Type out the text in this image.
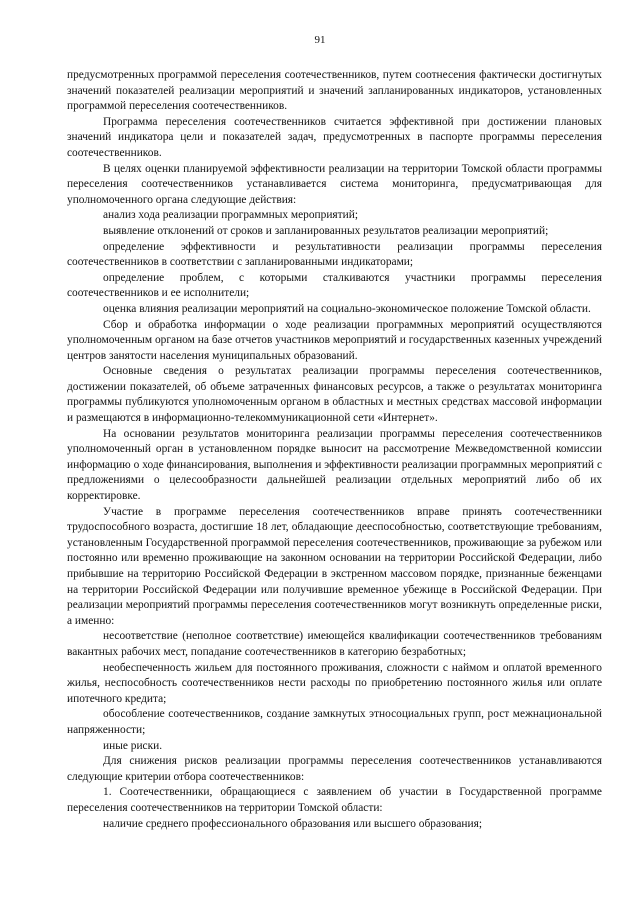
91

предусмотренных программой переселения соотечественников, путем соотнесения фактически достигнутых значений показателей реализации мероприятий и значений запланированных индикаторов, установленных программой переселения соотечественников.

Программа переселения соотечественников считается эффективной при достижении плановых значений индикатора цели и показателей задач, предусмотренных в паспорте программы переселения соотечественников.

В целях оценки планируемой эффективности реализации на территории Томской области программы переселения соотечественников устанавливается система мониторинга, предусматривающая для уполномоченного органа следующие действия:

анализ хода реализации программных мероприятий;

выявление отклонений от сроков и запланированных результатов реализации мероприятий;

определение эффективности и результативности реализации программы переселения соотечественников в соответствии с запланированными индикаторами;

определение проблем, с которыми сталкиваются участники программы переселения соотечественников и ее исполнители;

оценка влияния реализации мероприятий на социально-экономическое положение Томской области.

Сбор и обработка информации о ходе реализации программных мероприятий осуществляются уполномоченным органом на базе отчетов участников мероприятий и государственных казенных учреждений центров занятости населения муниципальных образований.

Основные сведения о результатах реализации программы переселения соотечественников, достижении показателей, об объеме затраченных финансовых ресурсов, а также о результатах мониторинга программы публикуются уполномоченным органом в областных и местных средствах массовой информации и размещаются в информационно-телекоммуникационной сети «Интернет».

На основании результатов мониторинга реализации программы переселения соотечественников уполномоченный орган в установленном порядке выносит на рассмотрение Межведомственной комиссии информацию о ходе финансирования, выполнения и эффективности реализации программных мероприятий с предложениями о целесообразности дальнейшей реализации отдельных мероприятий либо об их корректировке.

Участие в программе переселения соотечественников вправе принять соотечественники трудоспособного возраста, достигшие 18 лет, обладающие дееспособностью, соответствующие требованиям, установленным Государственной программой переселения соотечественников, проживающие за рубежом или постоянно или временно проживающие на законном основании на территории Российской Федерации, либо прибывшие на территорию Российской Федерации в экстренном массовом порядке, признанные беженцами на территории Российской Федерации или получившие временное убежище в Российской Федерации. При реализации мероприятий программы переселения соотечественников могут возникнуть определенные риски, а именно:

несоответствие (неполное соответствие) имеющейся квалификации соотечественников требованиям вакантных рабочих мест, попадание соотечественников в категорию безработных;

необеспеченность жильем для постоянного проживания, сложности с наймом и оплатой временного жилья, неспособность соотечественников нести расходы по приобретению постоянного жилья или оплате ипотечного кредита;

обособление соотечественников, создание замкнутых этносоциальных групп, рост межнациональной напряженности;

иные риски.

Для снижения рисков реализации программы переселения соотечественников устанавливаются следующие критерии отбора соотечественников:

1. Соотечественники, обращающиеся с заявлением об участии в Государственной программе переселения соотечественников на территории Томской области:

наличие среднего профессионального образования или высшего образования;
